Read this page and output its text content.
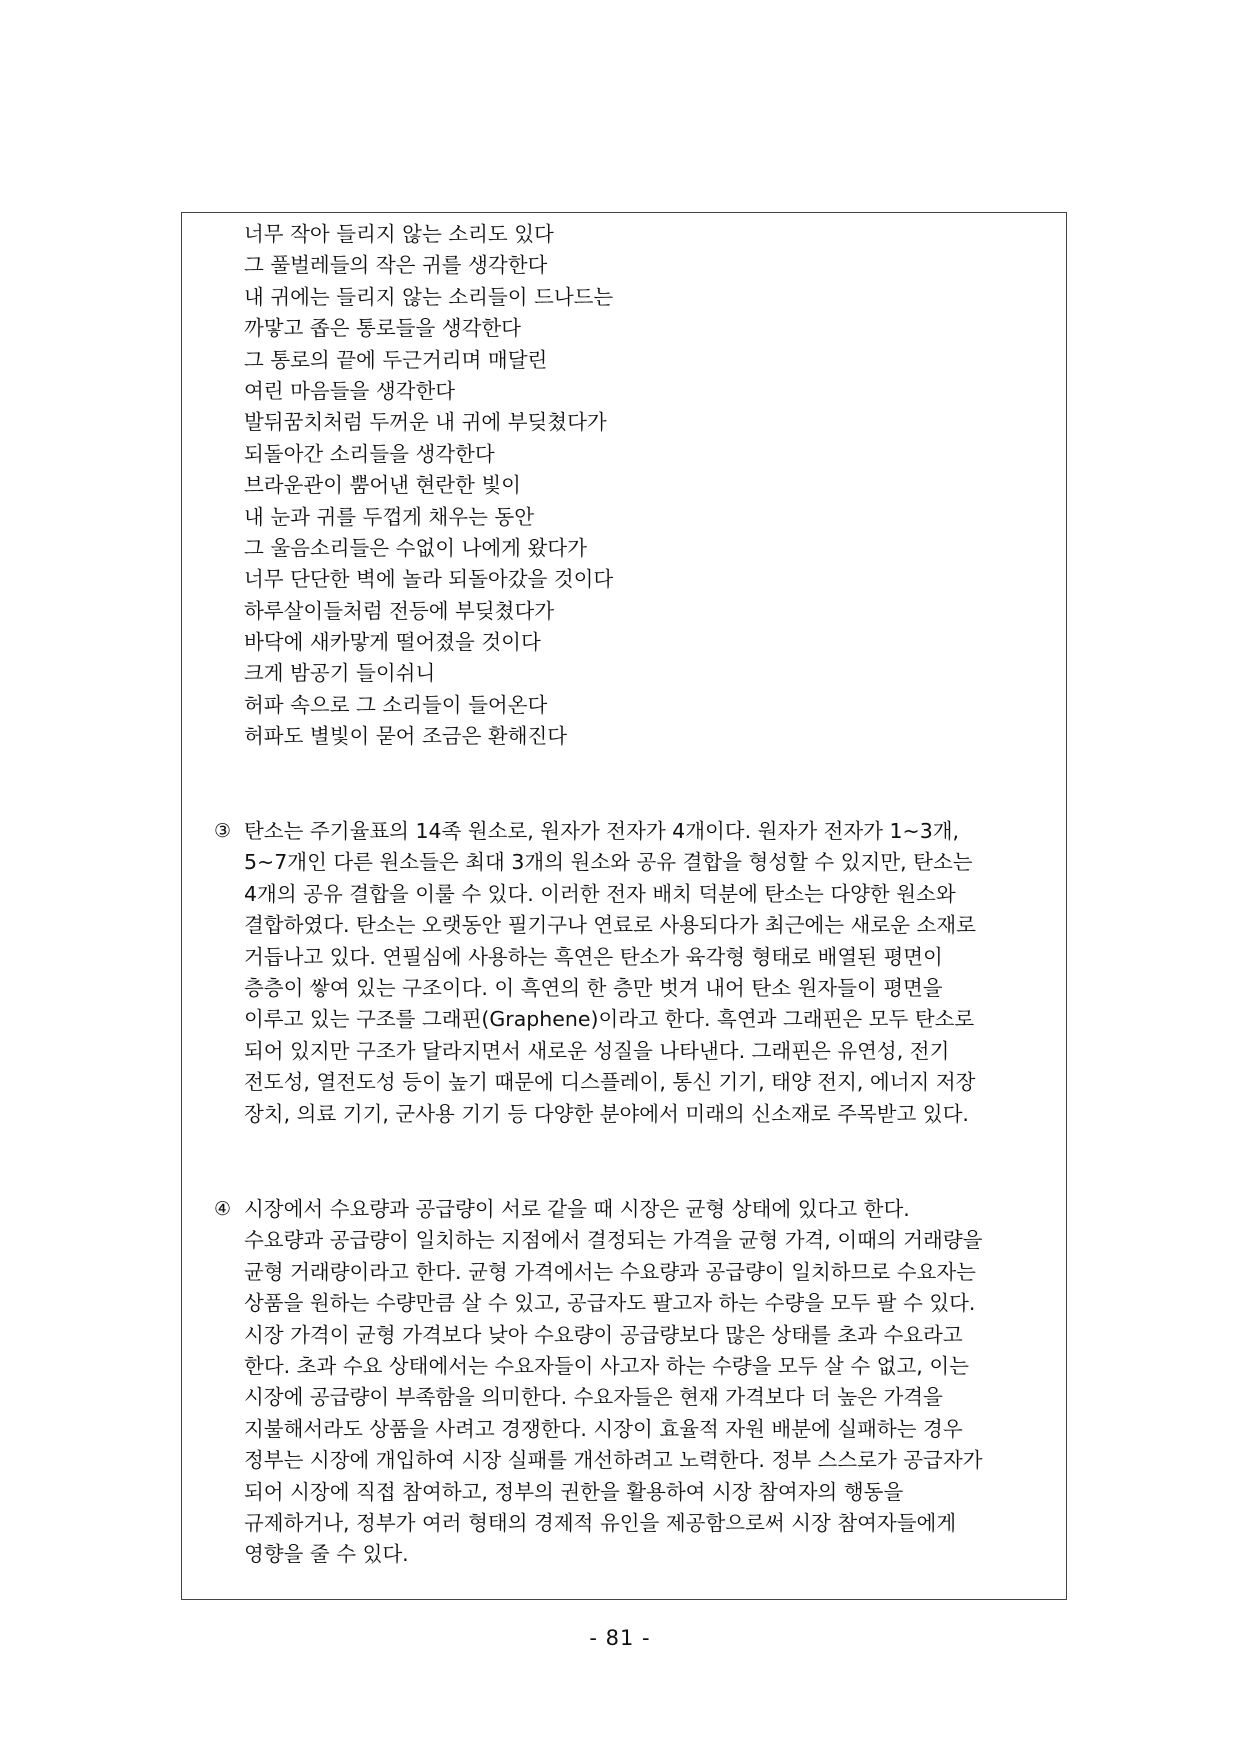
너무 작아 들리지 않는 소리도 있다
그 풀벌레들의 작은 귀를 생각한다
내 귀에는 들리지 않는 소리들이 드나드는
까맣고 좁은 통로들을 생각한다
그 통로의 끝에 두근거리며 매달린
여린 마음들을 생각한다
발뒤꿈치처럼 두꺼운 내 귀에 부딪쳤다가
되돌아간 소리들을 생각한다
브라운관이 뿜어낸 현란한 빛이
내 눈과 귀를 두껍게 채우는 동안
그 울음소리들은 수없이 나에게 왔다가
너무 단단한 벽에 놀라 되돌아갔을 것이다
하루살이들처럼 전등에 부딪쳤다가
바닥에 새카맣게 떨어졌을 것이다
크게 밤공기 들이쉬니
허파 속으로 그 소리들이 들어온다
허파도 별빛이 묻어 조금은 환해진다
③ 탄소는 주기율표의 14족 원소로, 원자가 전자가 4개이다. 원자가 전자가 1~3개,
5~7개인 다른 원소들은 최대 3개의 원소와 공유 결합을 형성할 수 있지만, 탄소는
4개의 공유 결합을 이룰 수 있다. 이러한 전자 배치 덕분에 탄소는 다양한 원소와
결합하였다. 탄소는 오랫동안 필기구나 연료로 사용되다가 최근에는 새로운 소재로
거듭나고 있다. 연필심에 사용하는 흑연은 탄소가 육각형 형태로 배열된 평면이
층층이 쌓여 있는 구조이다. 이 흑연의 한 층만 벗겨 내어 탄소 원자들이 평면을
이루고 있는 구조를 그래핀(Graphene)이라고 한다. 흑연과 그래핀은 모두 탄소로
되어 있지만 구조가 달라지면서 새로운 성질을 나타낸다. 그래핀은 유연성, 전기
전도성, 열전도성 등이 높기 때문에 디스플레이, 통신 기기, 태양 전지, 에너지 저장
장치, 의료 기기, 군사용 기기 등 다양한 분야에서 미래의 신소재로 주목받고 있다.
④ 시장에서 수요량과 공급량이 서로 같을 때 시장은 균형 상태에 있다고 한다.
수요량과 공급량이 일치하는 지점에서 결정되는 가격을 균형 가격, 이때의 거래량을
균형 거래량이라고 한다. 균형 가격에서는 수요량과 공급량이 일치하므로 수요자는
상품을 원하는 수량만큼 살 수 있고, 공급자도 팔고자 하는 수량을 모두 팔 수 있다.
시장 가격이 균형 가격보다 낮아 수요량이 공급량보다 많은 상태를 초과 수요라고
한다. 초과 수요 상태에서는 수요자들이 사고자 하는 수량을 모두 살 수 없고, 이는
시장에 공급량이 부족함을 의미한다. 수요자들은 현재 가격보다 더 높은 가격을
지불해서라도 상품을 사려고 경쟁한다. 시장이 효율적 자원 배분에 실패하는 경우
정부는 시장에 개입하여 시장 실패를 개선하려고 노력한다. 정부 스스로가 공급자가
되어 시장에 직접 참여하고, 정부의 권한을 활용하여 시장 참여자의 행동을
규제하거나, 정부가 여러 형태의 경제적 유인을 제공함으로써 시장 참여자들에게
영향을 줄 수 있다.
- 81 -
